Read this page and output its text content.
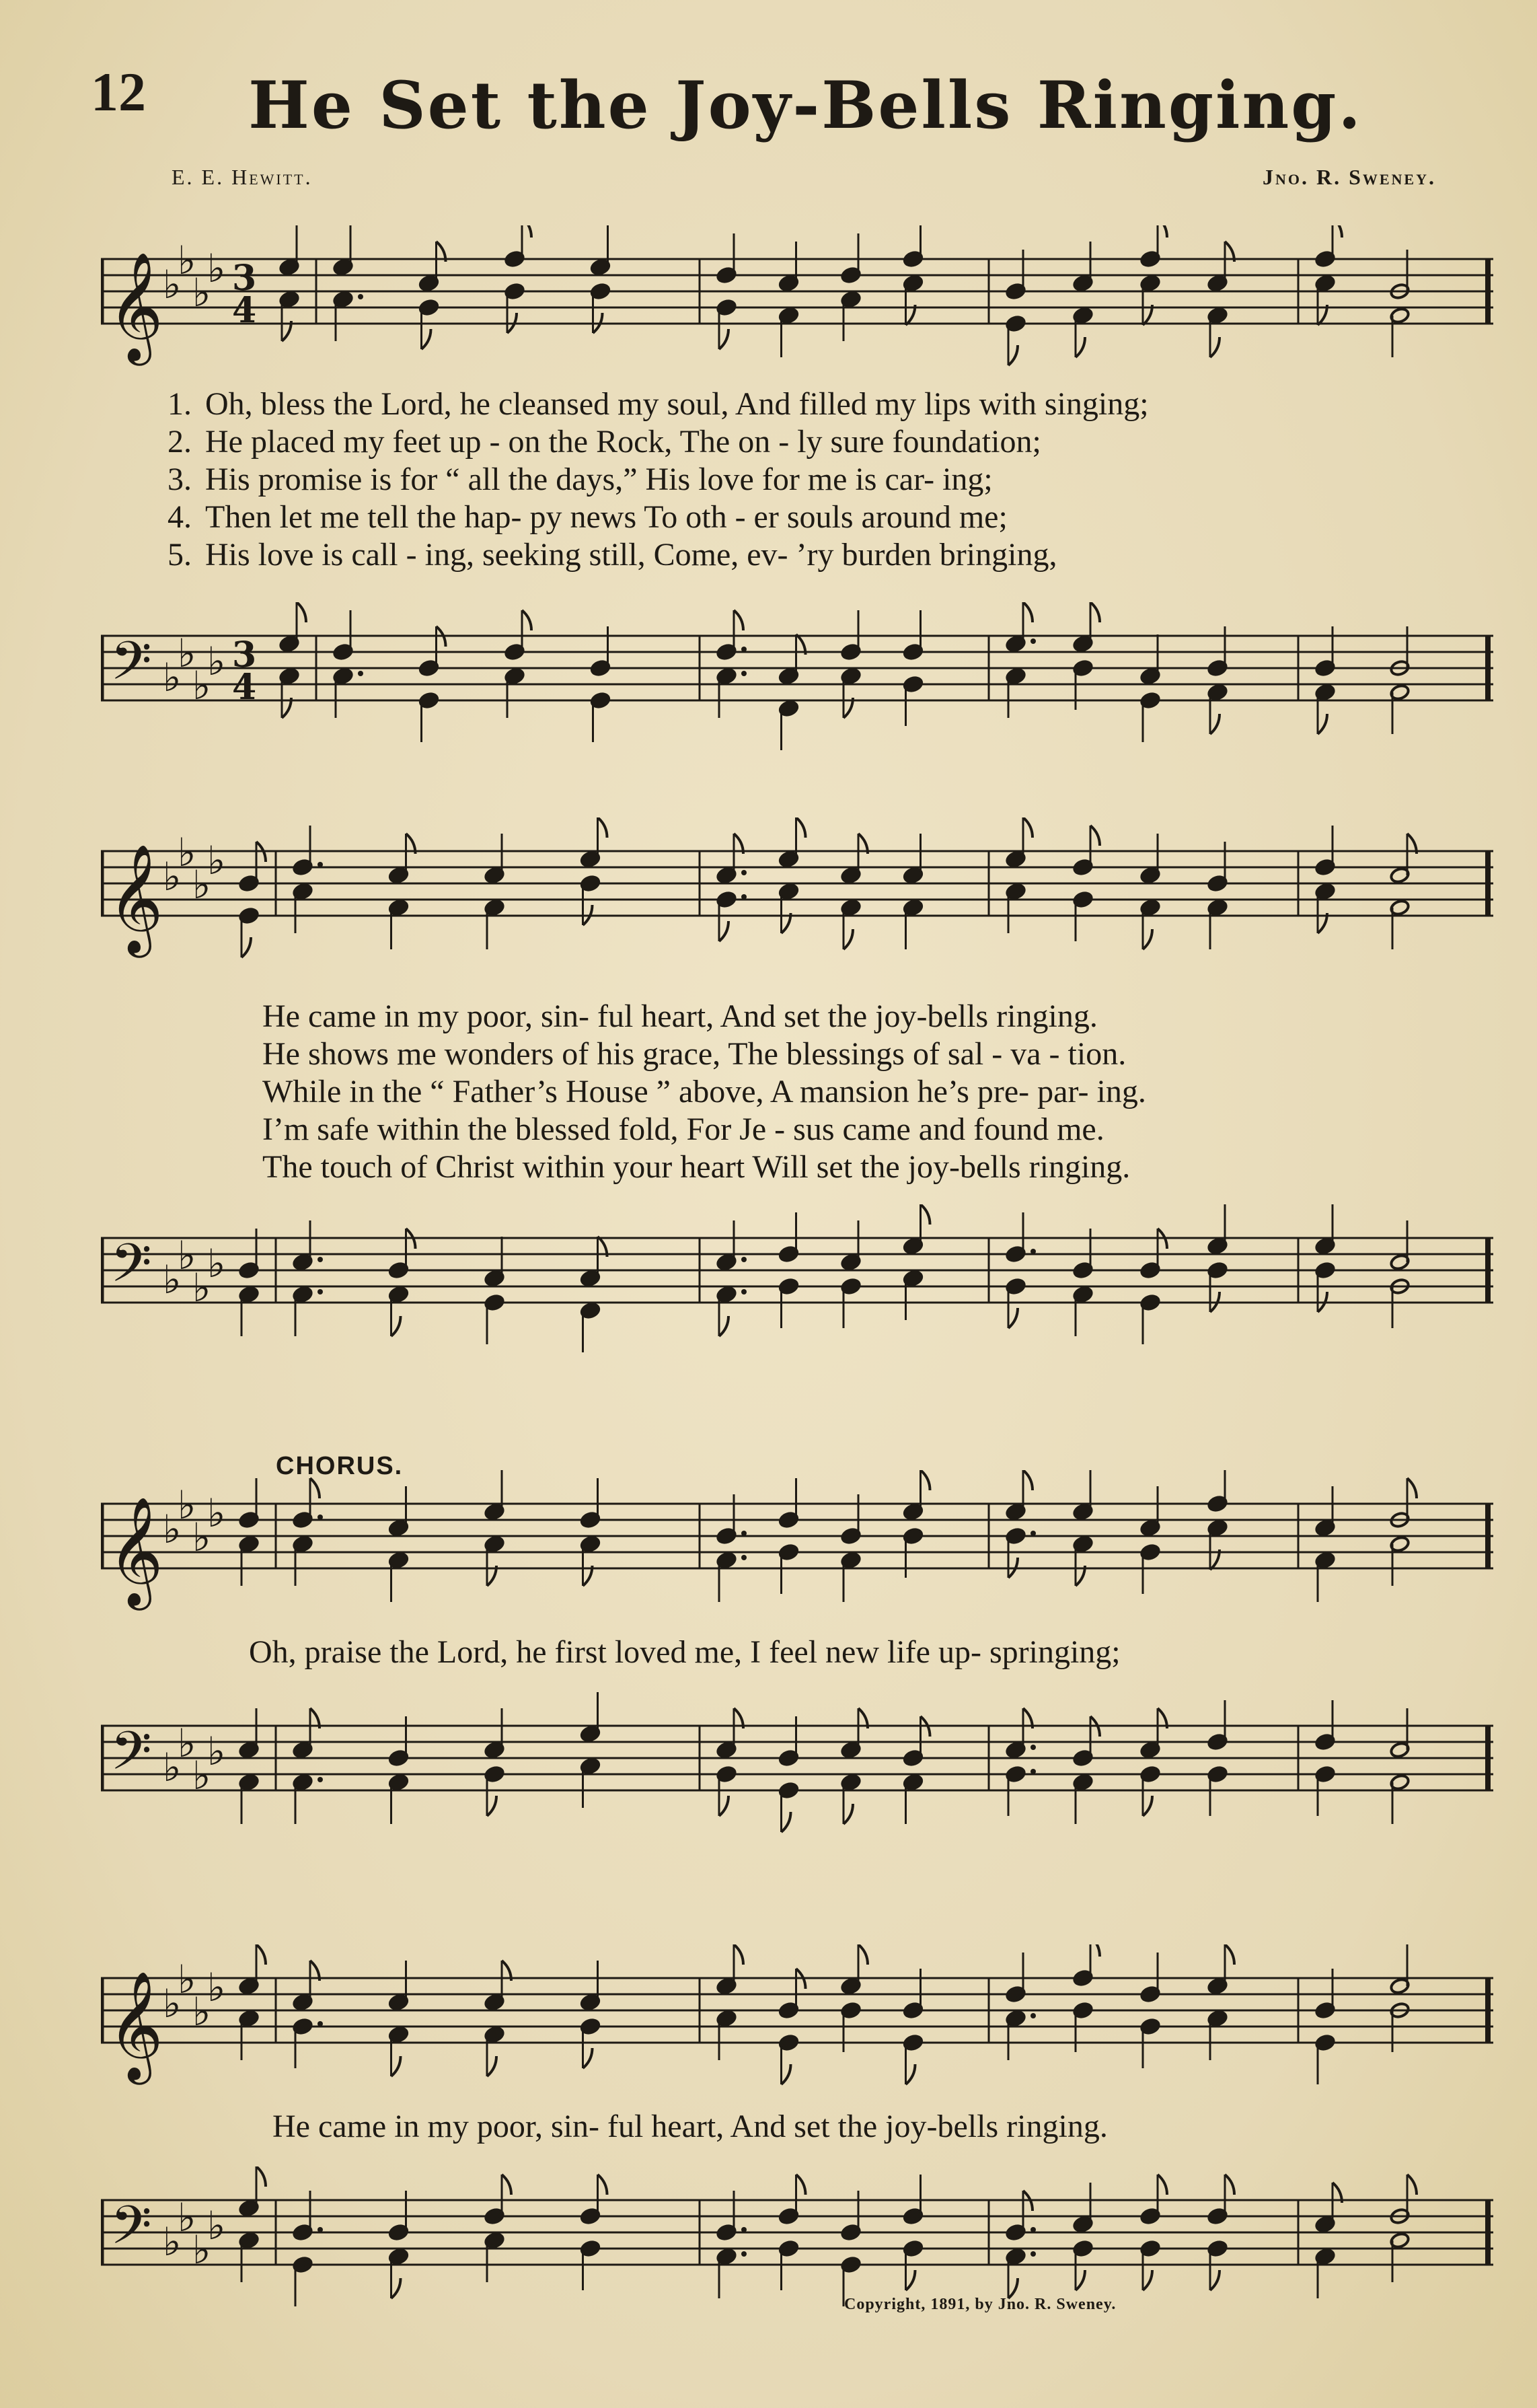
12	He Set the Joy-Bells Ringing.
E. E. Hewitt.	Jno. R. Sweney.
𝄞 ♭
♭
♭
♭ 3
4
1. Oh, bless the Lord, he cleansed my soul, And filled my lips with singing;
2. He placed my feet up - on the Rock, The on - ly sure foundation;
3. His promise is for “ all the days,” His love for me is car- ing;
4. Then let me tell the hap- py news To oth - er souls around me;
5. His love is call - ing, seeking still, Come, ev- ’ry burden bringing,
𝄢 ♭
♭
♭
♭ 3
4
𝄞 ♭
♭
♭
♭
He came in my poor, sin- ful heart, And set the joy-bells ringing.
He shows me wonders of his grace, The blessings of sal - va - tion.
While in the “ Father’s House ” above, A mansion he’s pre- par- ing.
I’m safe within the blessed fold, For Je - sus came and found me.
The touch of Christ within your heart Will set the joy-bells ringing.
𝄢 ♭
♭
♭
♭
CHORUS.
𝄞 ♭
♭
♭
♭
Oh, praise the Lord, he first loved me, I feel new life up- springing;
𝄢 ♭
♭
♭
♭
𝄞 ♭
♭
♭
♭
He came in my poor, sin- ful heart, And set the joy-bells ringing.
𝄢 ♭
♭
♭
♭
Copyright, 1891, by Jno. R. Sweney.
